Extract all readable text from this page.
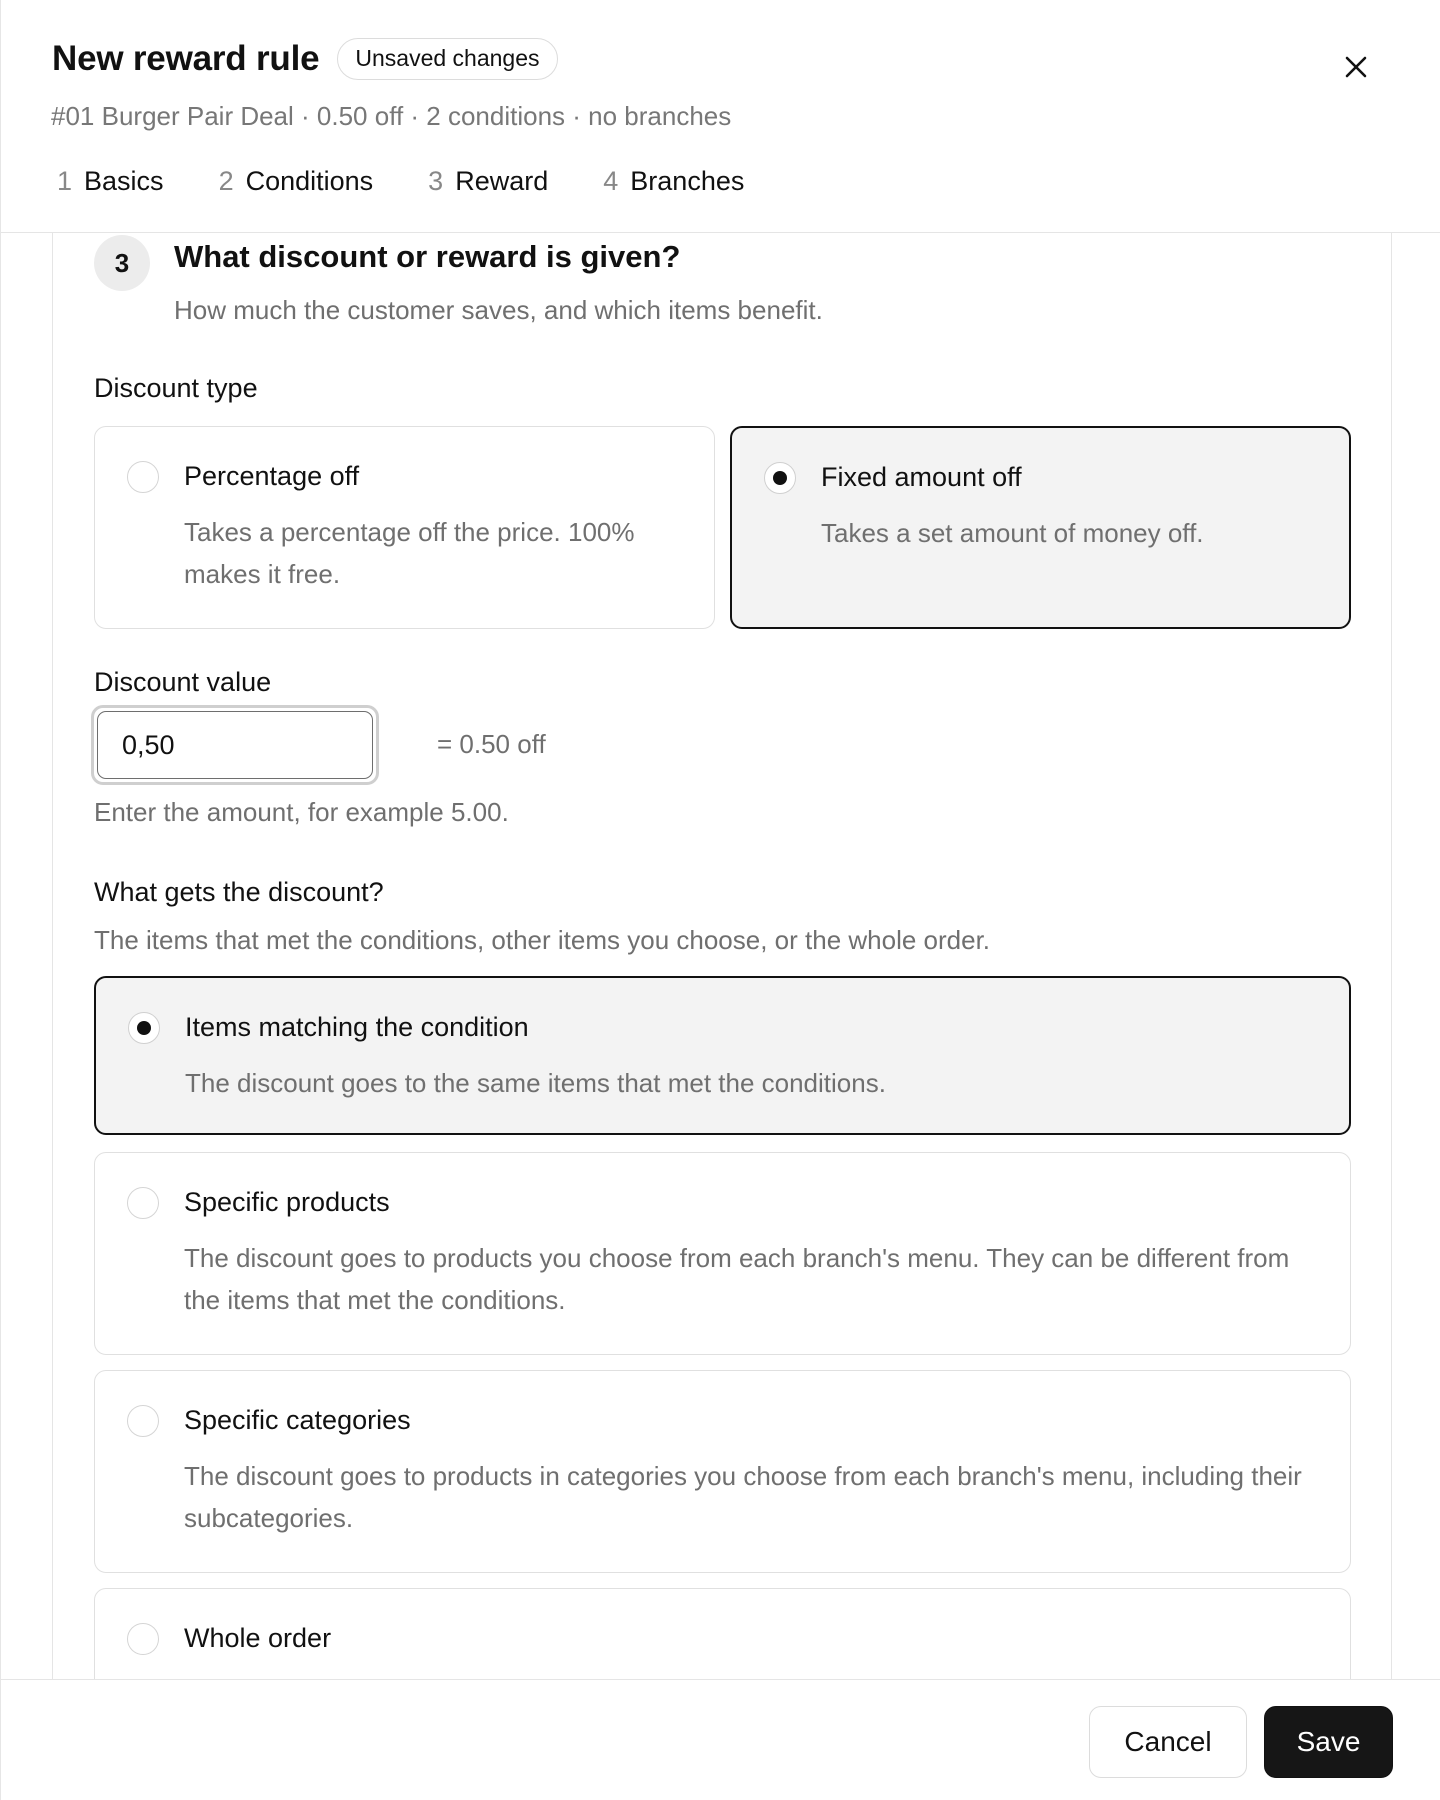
New reward rule	Unsaved changes
#01 Burger Pair Deal · 0.50 off · 2 conditions · no branches
1 Basics 2 Conditions 3 Reward 4 Branches
3	What discount or reward is given?
How much the customer saves, and which items benefit.
Discount type
Percentage off
Takes a percentage off the price. 100% makes it free.
Fixed amount off
Takes a set amount of money off.
Discount value
0,50
= 0.50 off
Enter the amount, for example 5.00.
What gets the discount?
The items that met the conditions, other items you choose, or the whole order.
Items matching the condition
The discount goes to the same items that met the conditions.
Specific products
The discount goes to products you choose from each branch's menu. They can be different from the items that met the conditions.
Specific categories
The discount goes to products in categories you choose from each branch's menu, including their subcategories.
Whole order
Cancel	Save
